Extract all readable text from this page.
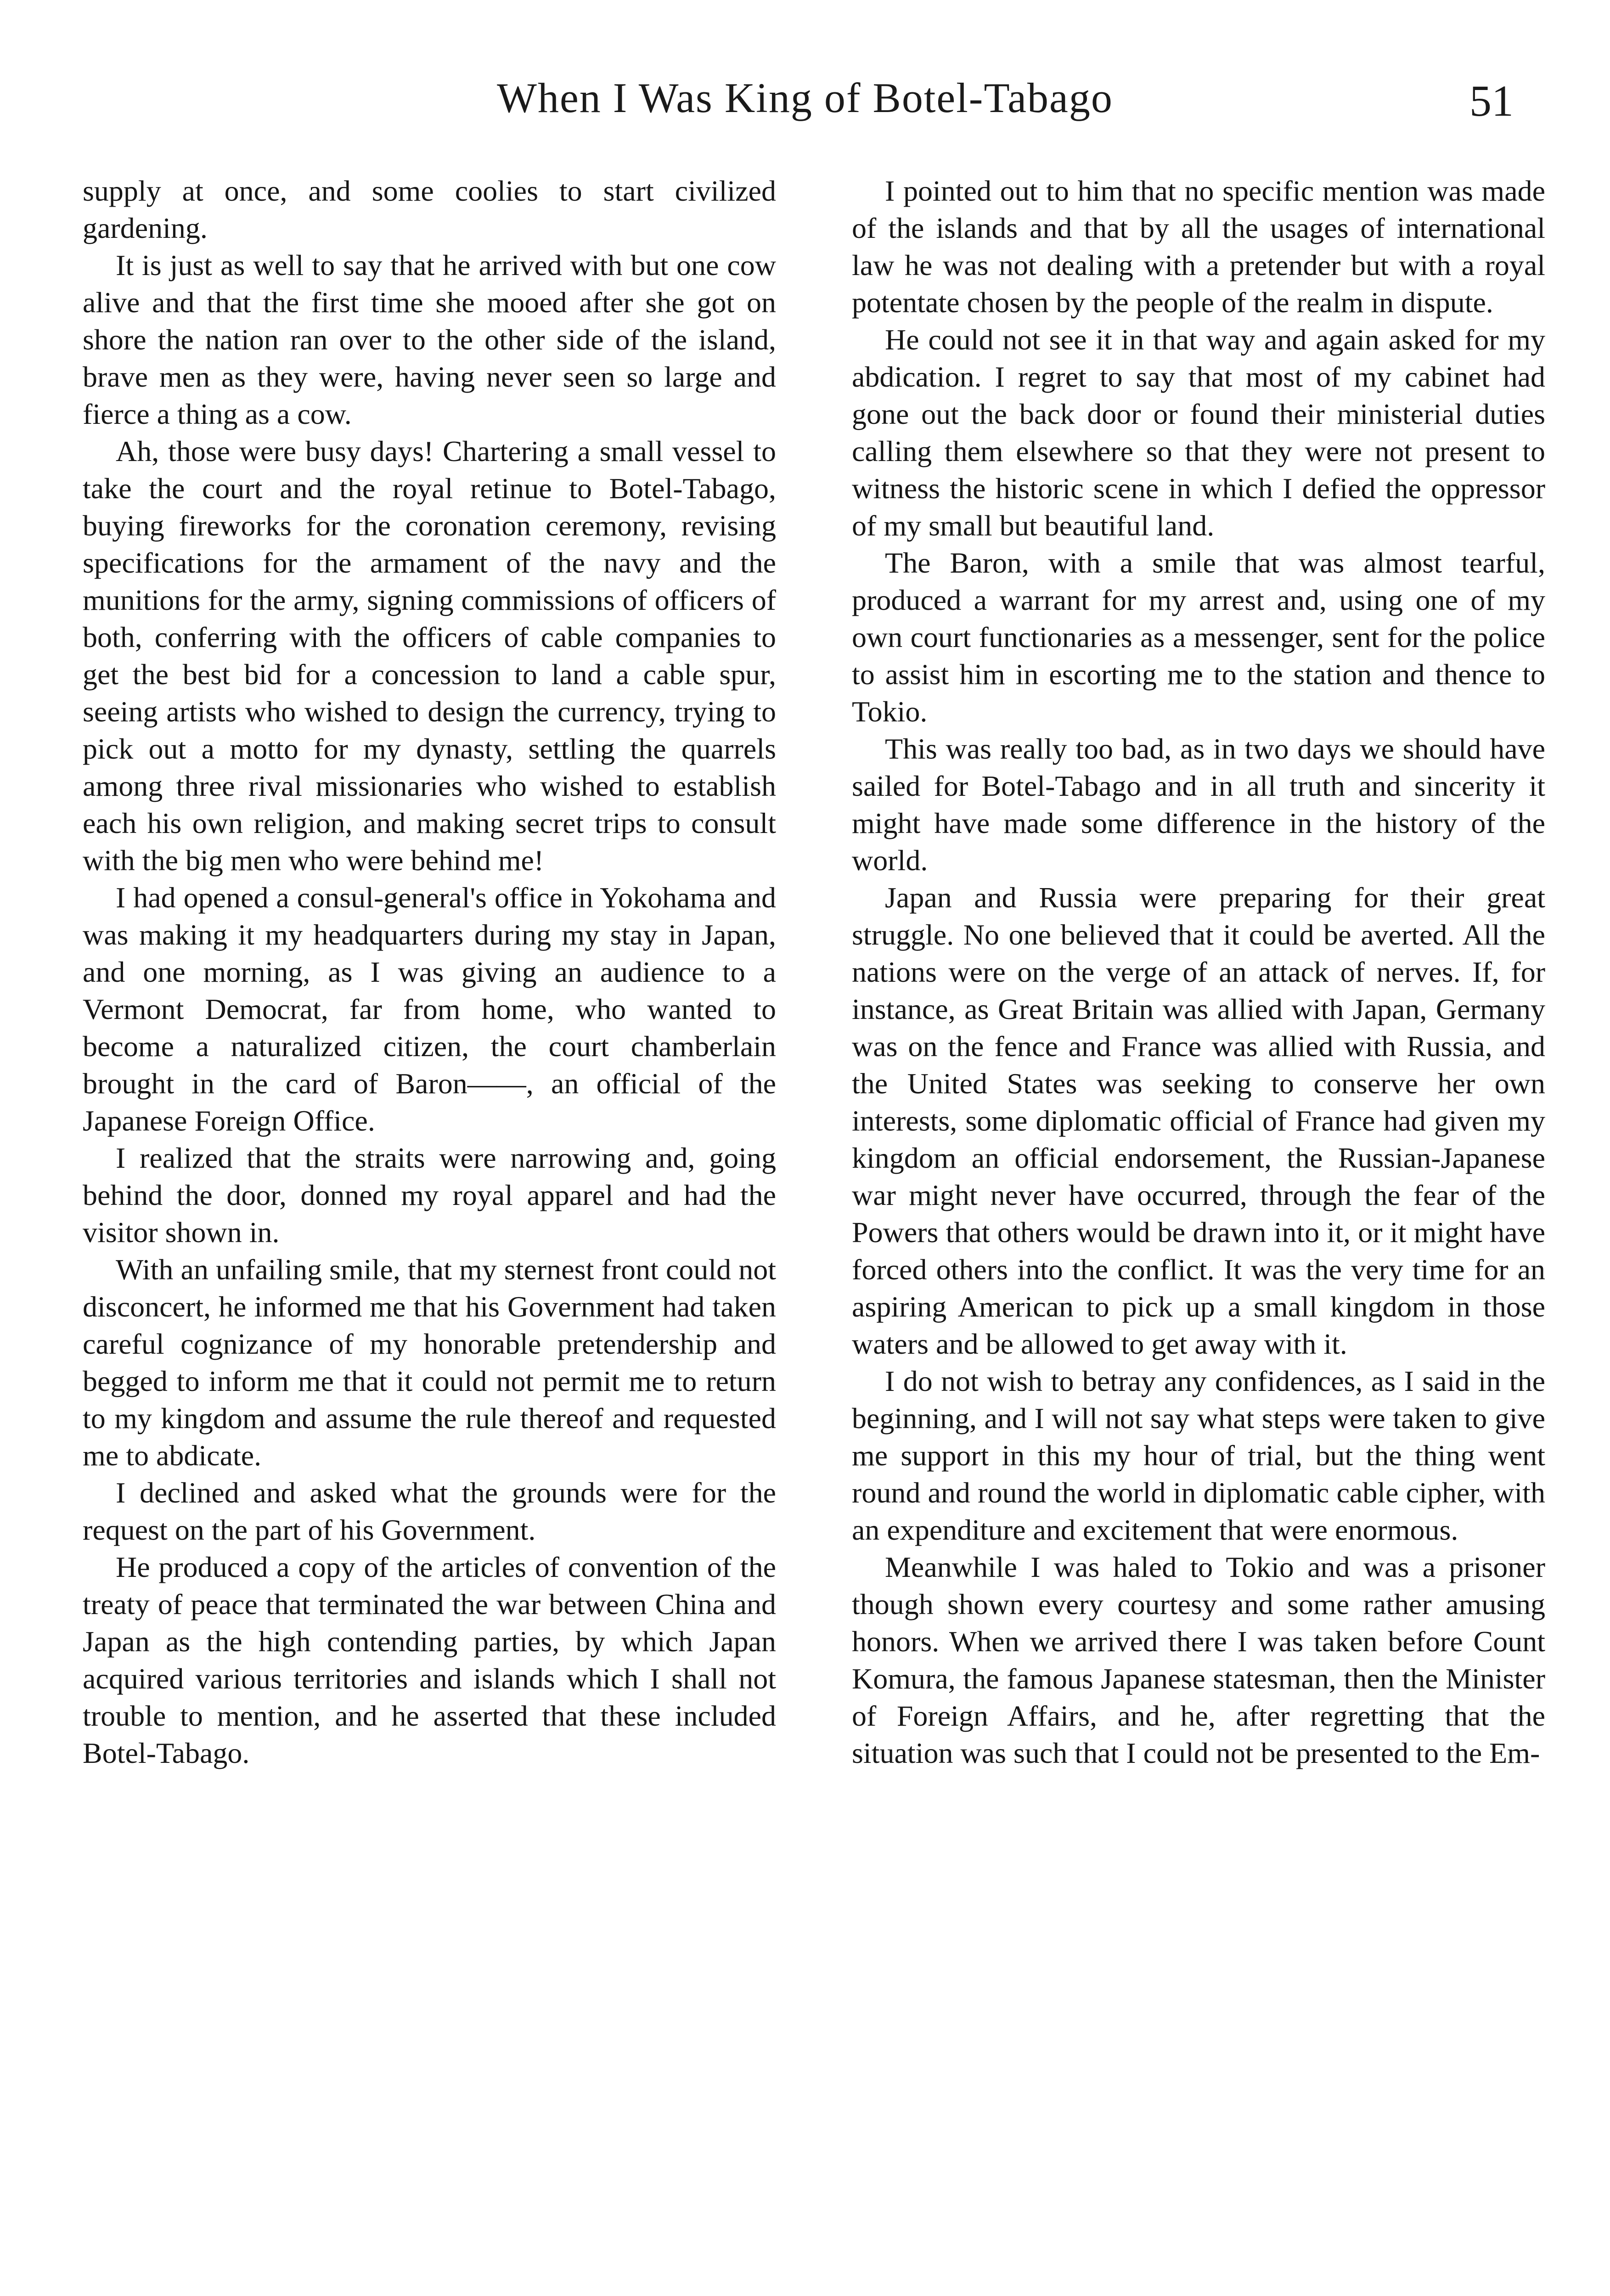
When I Was King of Botel-Tabago	51

supply at once, and some coolies to start civilized gardening.

It is just as well to say that he arrived with but one cow alive and that the first time she mooed after she got on shore the nation ran over to the other side of the island, brave men as they were, having never seen so large and fierce a thing as a cow.

Ah, those were busy days! Chartering a small vessel to take the court and the royal retinue to Botel-Tabago, buying fireworks for the coronation ceremony, revising specifications for the armament of the navy and the munitions for the army, signing commissions of officers of both, conferring with the officers of cable companies to get the best bid for a concession to land a cable spur, seeing artists who wished to design the currency, trying to pick out a motto for my dynasty, settling the quarrels among three rival missionaries who wished to establish each his own religion, and making secret trips to consult with the big men who were behind me!

I had opened a consul-general's office in Yokohama and was making it my headquarters during my stay in Japan, and one morning, as I was giving an audience to a Vermont Democrat, far from home, who wanted to become a naturalized citizen, the court chamberlain brought in the card of Baron——, an official of the Japanese Foreign Office.

I realized that the straits were narrowing and, going behind the door, donned my royal apparel and had the visitor shown in.

With an unfailing smile, that my sternest front could not disconcert, he informed me that his Government had taken careful cognizance of my honorable pretendership and begged to inform me that it could not permit me to return to my kingdom and assume the rule thereof and requested me to abdicate.

I declined and asked what the grounds were for the request on the part of his Government.

He produced a copy of the articles of convention of the treaty of peace that terminated the war between China and Japan as the high contending parties, by which Japan acquired various territories and islands which I shall not trouble to mention, and he asserted that these included Botel-Tabago.

I pointed out to him that no specific mention was made of the islands and that by all the usages of international law he was not dealing with a pretender but with a royal potentate chosen by the people of the realm in dispute.

He could not see it in that way and again asked for my abdication. I regret to say that most of my cabinet had gone out the back door or found their ministerial duties calling them elsewhere so that they were not present to witness the historic scene in which I defied the oppressor of my small but beautiful land.

The Baron, with a smile that was almost tearful, produced a warrant for my arrest and, using one of my own court functionaries as a messenger, sent for the police to assist him in escorting me to the station and thence to Tokio.

This was really too bad, as in two days we should have sailed for Botel-Tabago and in all truth and sincerity it might have made some difference in the history of the world.

Japan and Russia were preparing for their great struggle. No one believed that it could be averted. All the nations were on the verge of an attack of nerves. If, for instance, as Great Britain was allied with Japan, Germany was on the fence and France was allied with Russia, and the United States was seeking to conserve her own interests, some diplomatic official of France had given my kingdom an official endorsement, the Russian-Japanese war might never have occurred, through the fear of the Powers that others would be drawn into it, or it might have forced others into the conflict. It was the very time for an aspiring American to pick up a small kingdom in those waters and be allowed to get away with it.

I do not wish to betray any confidences, as I said in the beginning, and I will not say what steps were taken to give me support in this my hour of trial, but the thing went round and round the world in diplomatic cable cipher, with an expenditure and excitement that were enormous.

Meanwhile I was haled to Tokio and was a prisoner though shown every courtesy and some rather amusing honors. When we arrived there I was taken before Count Komura, the famous Japanese statesman, then the Minister of Foreign Affairs, and he, after regretting that the situation was such that I could not be presented to the Em-
